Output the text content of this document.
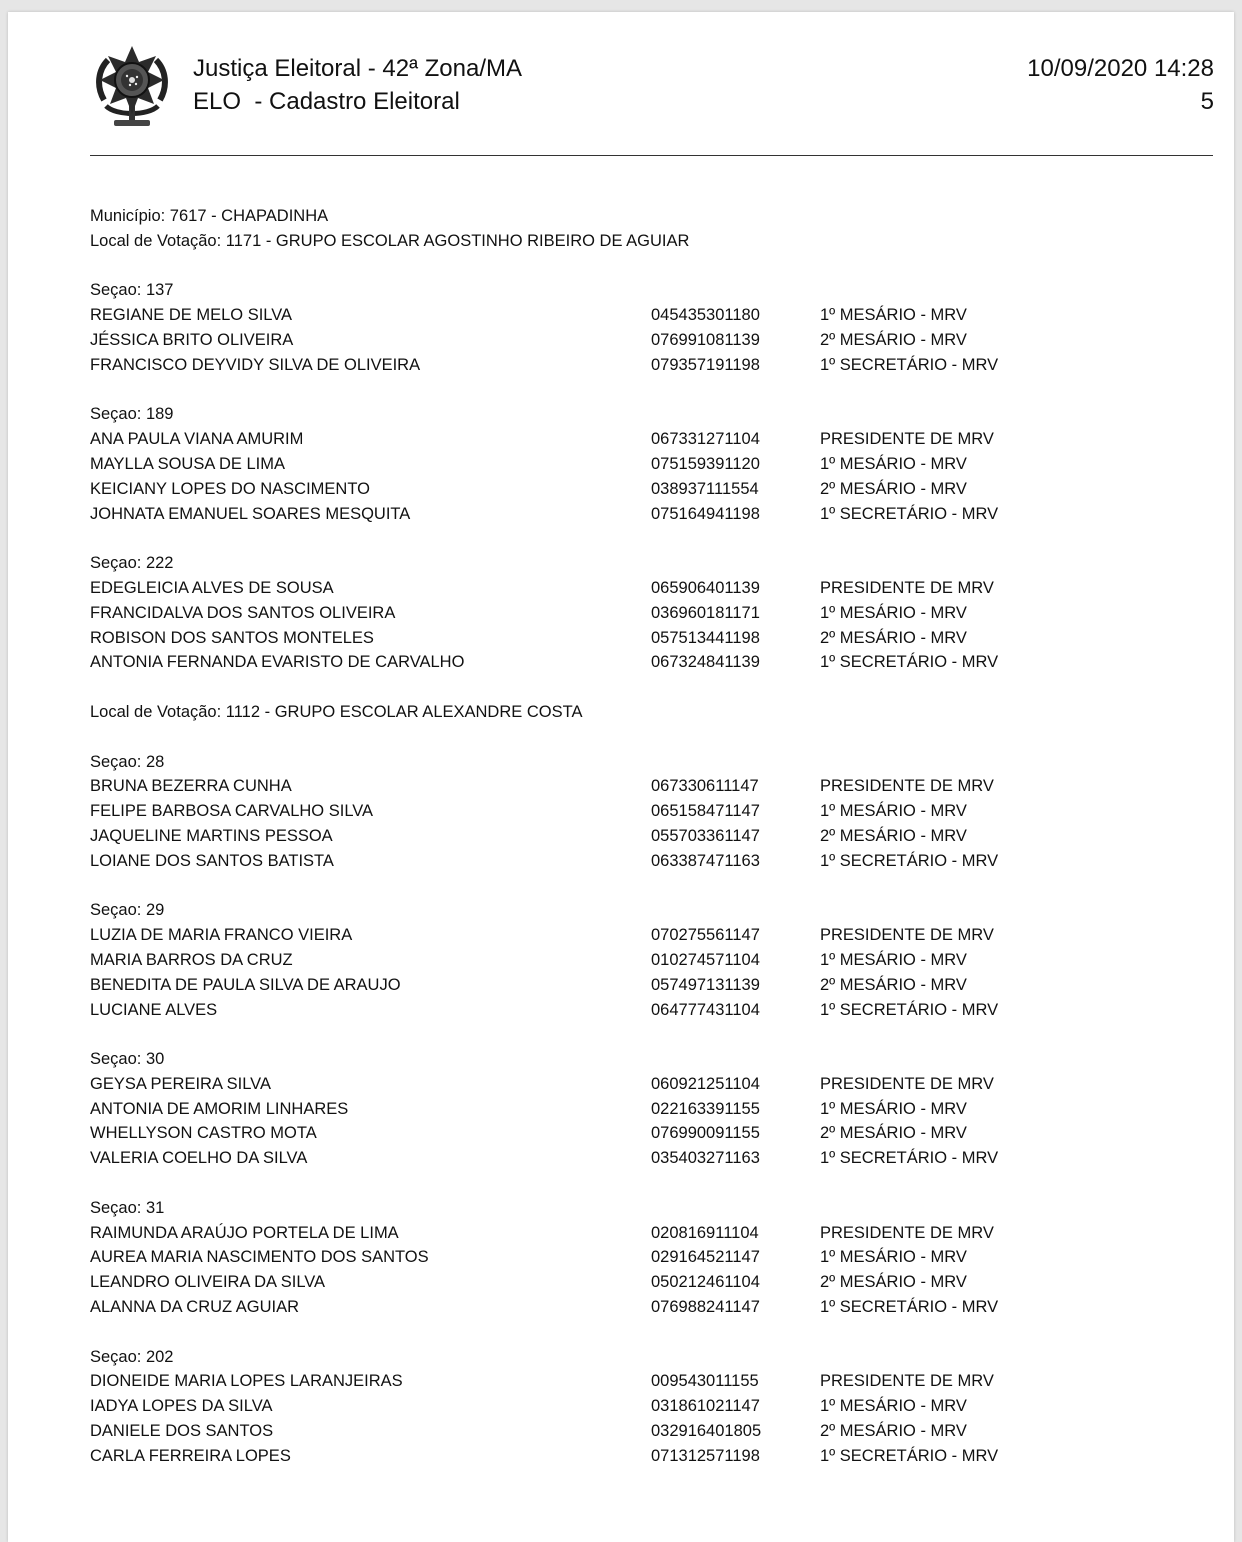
Justiça Eleitoral - 42ª Zona/MA
ELO  - Cadastro Eleitoral
10/09/2020 14:28
5
Município: 7617 - CHAPADINHA
Local de Votação: 1171 - GRUPO ESCOLAR AGOSTINHO RIBEIRO DE AGUIAR
Seçao: 137
REGIANE DE MELO SILVA	045435301180	1º MESÁRIO - MRV
JÉSSICA BRITO OLIVEIRA	076991081139	2º MESÁRIO - MRV
FRANCISCO DEYVIDY SILVA DE OLIVEIRA	079357191198	1º SECRETÁRIO - MRV
Seçao: 189
ANA PAULA VIANA AMURIM	067331271104	PRESIDENTE DE MRV
MAYLLA SOUSA DE LIMA	075159391120	1º MESÁRIO - MRV
KEICIANY LOPES DO NASCIMENTO	038937111554	2º MESÁRIO - MRV
JOHNATA EMANUEL SOARES MESQUITA	075164941198	1º SECRETÁRIO - MRV
Seçao: 222
EDEGLEICIA ALVES DE SOUSA	065906401139	PRESIDENTE DE MRV
FRANCIDALVA DOS SANTOS OLIVEIRA	036960181171	1º MESÁRIO - MRV
ROBISON DOS SANTOS MONTELES	057513441198	2º MESÁRIO - MRV
ANTONIA FERNANDA EVARISTO DE CARVALHO	067324841139	1º SECRETÁRIO - MRV
Local de Votação: 1112 - GRUPO ESCOLAR ALEXANDRE COSTA
Seçao: 28
BRUNA BEZERRA CUNHA	067330611147	PRESIDENTE DE MRV
FELIPE BARBOSA CARVALHO SILVA	065158471147	1º MESÁRIO - MRV
JAQUELINE MARTINS PESSOA	055703361147	2º MESÁRIO - MRV
LOIANE DOS SANTOS BATISTA	063387471163	1º SECRETÁRIO - MRV
Seçao: 29
LUZIA DE MARIA FRANCO VIEIRA	070275561147	PRESIDENTE DE MRV
MARIA BARROS DA CRUZ	010274571104	1º MESÁRIO - MRV
BENEDITA DE PAULA SILVA DE ARAUJO	057497131139	2º MESÁRIO - MRV
LUCIANE ALVES	064777431104	1º SECRETÁRIO - MRV
Seçao: 30
GEYSA PEREIRA SILVA	060921251104	PRESIDENTE DE MRV
ANTONIA DE AMORIM LINHARES	022163391155	1º MESÁRIO - MRV
WHELLYSON CASTRO MOTA	076990091155	2º MESÁRIO - MRV
VALERIA COELHO DA SILVA	035403271163	1º SECRETÁRIO - MRV
Seçao: 31
RAIMUNDA ARAÚJO PORTELA DE LIMA	020816911104	PRESIDENTE DE MRV
AUREA MARIA NASCIMENTO DOS SANTOS	029164521147	1º MESÁRIO - MRV
LEANDRO OLIVEIRA DA SILVA	050212461104	2º MESÁRIO - MRV
ALANNA DA CRUZ AGUIAR	076988241147	1º SECRETÁRIO - MRV
Seçao: 202
DIONEIDE MARIA LOPES LARANJEIRAS	009543011155	PRESIDENTE DE MRV
IADYA LOPES DA SILVA	031861021147	1º MESÁRIO - MRV
DANIELE DOS SANTOS	032916401805	2º MESÁRIO - MRV
CARLA FERREIRA LOPES	071312571198	1º SECRETÁRIO - MRV
